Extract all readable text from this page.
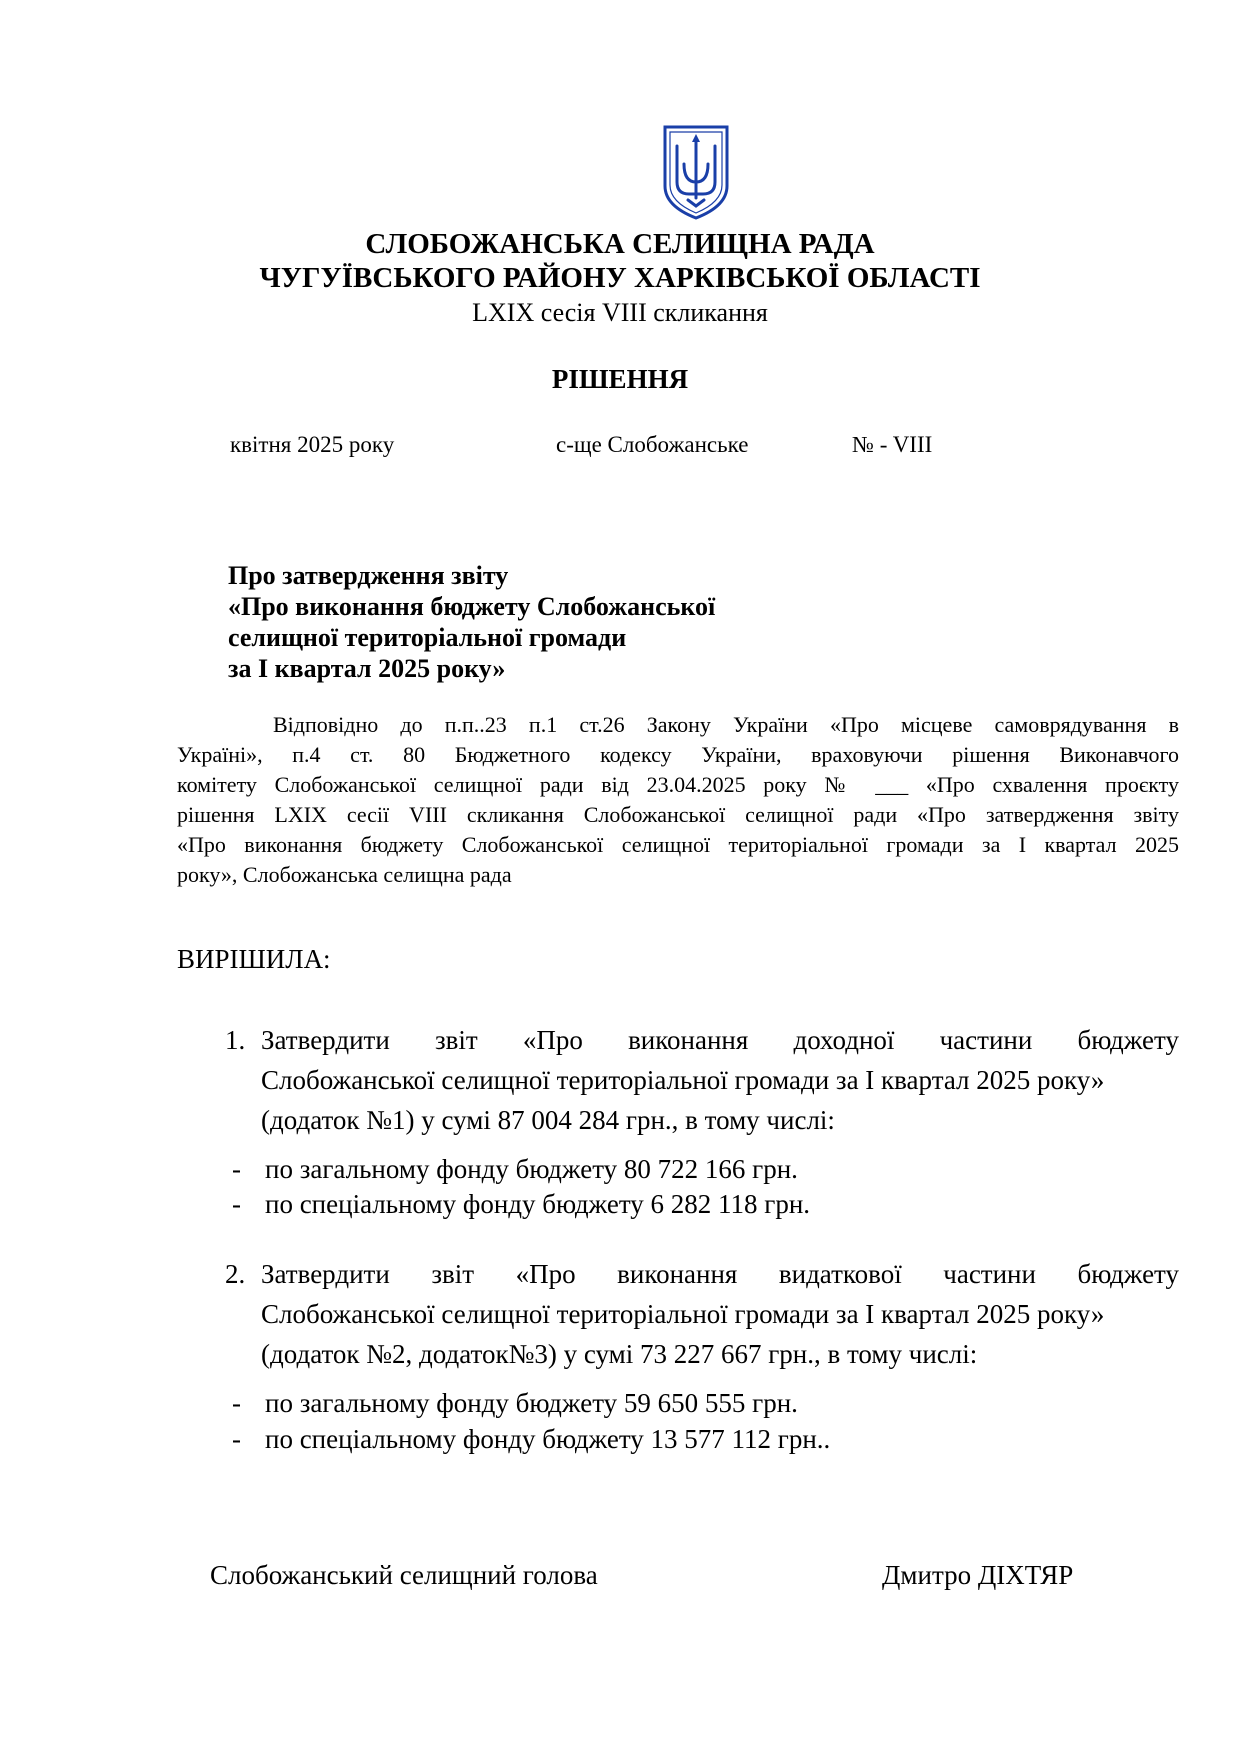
СЛОБОЖАНСЬКА СЕЛИЩНА РАДА
ЧУГУЇВСЬКОГО РАЙОНУ ХАРКІВСЬКОЇ ОБЛАСТІ
LXIX сесія VIII скликання
РІШЕННЯ
квітня 2025 року	с-ще Слобожанське	№ - VIII
Про затвердження звіту
«Про виконання бюджету Слобожанської
селищної територіальної громади
за І квартал 2025 року»
Відповідно до п.п..23 п.1 ст.26 Закону України «Про місцеве самоврядування в
Україні», п.4 ст. 80 Бюджетного кодексу України, враховуючи рішення Виконавчого
комітету Слобожанської селищної ради від 23.04.2025 року № ___ «Про схвалення проєкту
рішення LXIX сесії VIII скликання Слобожанської селищної ради «Про затвердження звіту
«Про виконання бюджету Слобожанської селищної територіальної громади за І квартал 2025
року», Слобожанська селищна рада
ВИРІШИЛА:
1. Затвердити звіт «Про виконання доходної частини бюджету
Слобожанської селищної територіальної громади за І квартал 2025 року»
(додаток №1) у сумі 87 004 284 грн., в тому числі:
- по загальному фонду бюджету 80 722 166 грн.
- по спеціальному фонду бюджету 6 282 118 грн.
2. Затвердити звіт «Про виконання видаткової частини бюджету
Слобожанської селищної територіальної громади за І квартал 2025 року»
(додаток №2, додаток№3) у сумі 73 227 667 грн., в тому числі:
- по загальному фонду бюджету 59 650 555 грн.
- по спеціальному фонду бюджету 13 577 112 грн..
Слобожанський селищний голова	Дмитро ДІХТЯР
